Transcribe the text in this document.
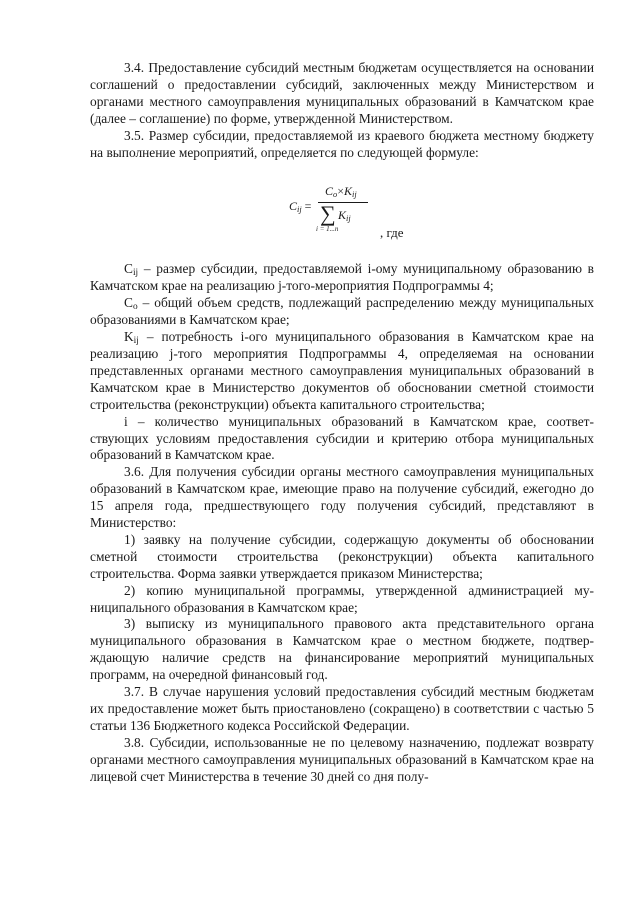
3.4. Предоставление субсидий местным бюджетам осуществляется на основании соглашений о предоставлении субсидий, заключенных между Министерством и органами местного самоуправления муниципальных образований в Камчатском крае (далее – соглашение) по форме, утвержденной Министерством.

3.5. Размер субсидии, предоставляемой из краевого бюджета местному бюджету на выполнение мероприятий, определяется по следующей формуле:

$C_{ij}$ =
$C_o\times K_{ij}$
∑ $K_{ij}$
i = 1...n	, где

$C_{ij}$ – размер субсидии, предоставляемой i-ому муниципальному образованию в Камчатском крае на реализацию j-того-мероприятия Подпрограммы 4;

$C_o$ – общий объем средств, подлежащий распределению между муниципальных образованиями в Камчатском крае;

$K_{ij}$ – потребность i-ого муниципального образования в Камчатском крае на реализацию j-того мероприятия Подпрограммы 4, определяемая на основании представленных органами местного самоуправления муниципальных образований в Камчатском крае в Министерство документов об обосновании сметной стоимости строительства (реконструкции) объекта капитального строительства;

i – количество муниципальных образований в Камчатском крае, соответствующих условиям предоставления субсидии и критерию отбора муниципальных образований в Камчатском крае.

3.6. Для получения субсидии органы местного самоуправления муниципальных образований в Камчатском крае, имеющие право на получение субсидий, ежегодно до 15 апреля года, предшествующего году получения субсидий, представляют в Министерство:

1) заявку на получение субсидии, содержащую документы об обосновании сметной стоимости строительства (реконструкции) объекта капитального строительства. Форма заявки утверждается приказом Министерства;

2) копию муниципальной программы, утвержденной администрацией муниципального образования в Камчатском крае;

3) выписку из муниципального правового акта представительного органа муниципального образования в Камчатском крае о местном бюджете, подтверждающую наличие средств на финансирование мероприятий муниципальных программ, на очередной финансовый год.

3.7. В случае нарушения условий предоставления субсидий местным бюджетам их предоставление может быть приостановлено (сокращено) в соответствии с частью 5 статьи 136 Бюджетного кодекса Российской Федерации.

3.8. Субсидии, использованные не по целевому назначению, подлежат возврату органами местного самоуправления муниципальных образований в Камчатском крае на лицевой счет Министерства в течение 30 дней со дня полу-
